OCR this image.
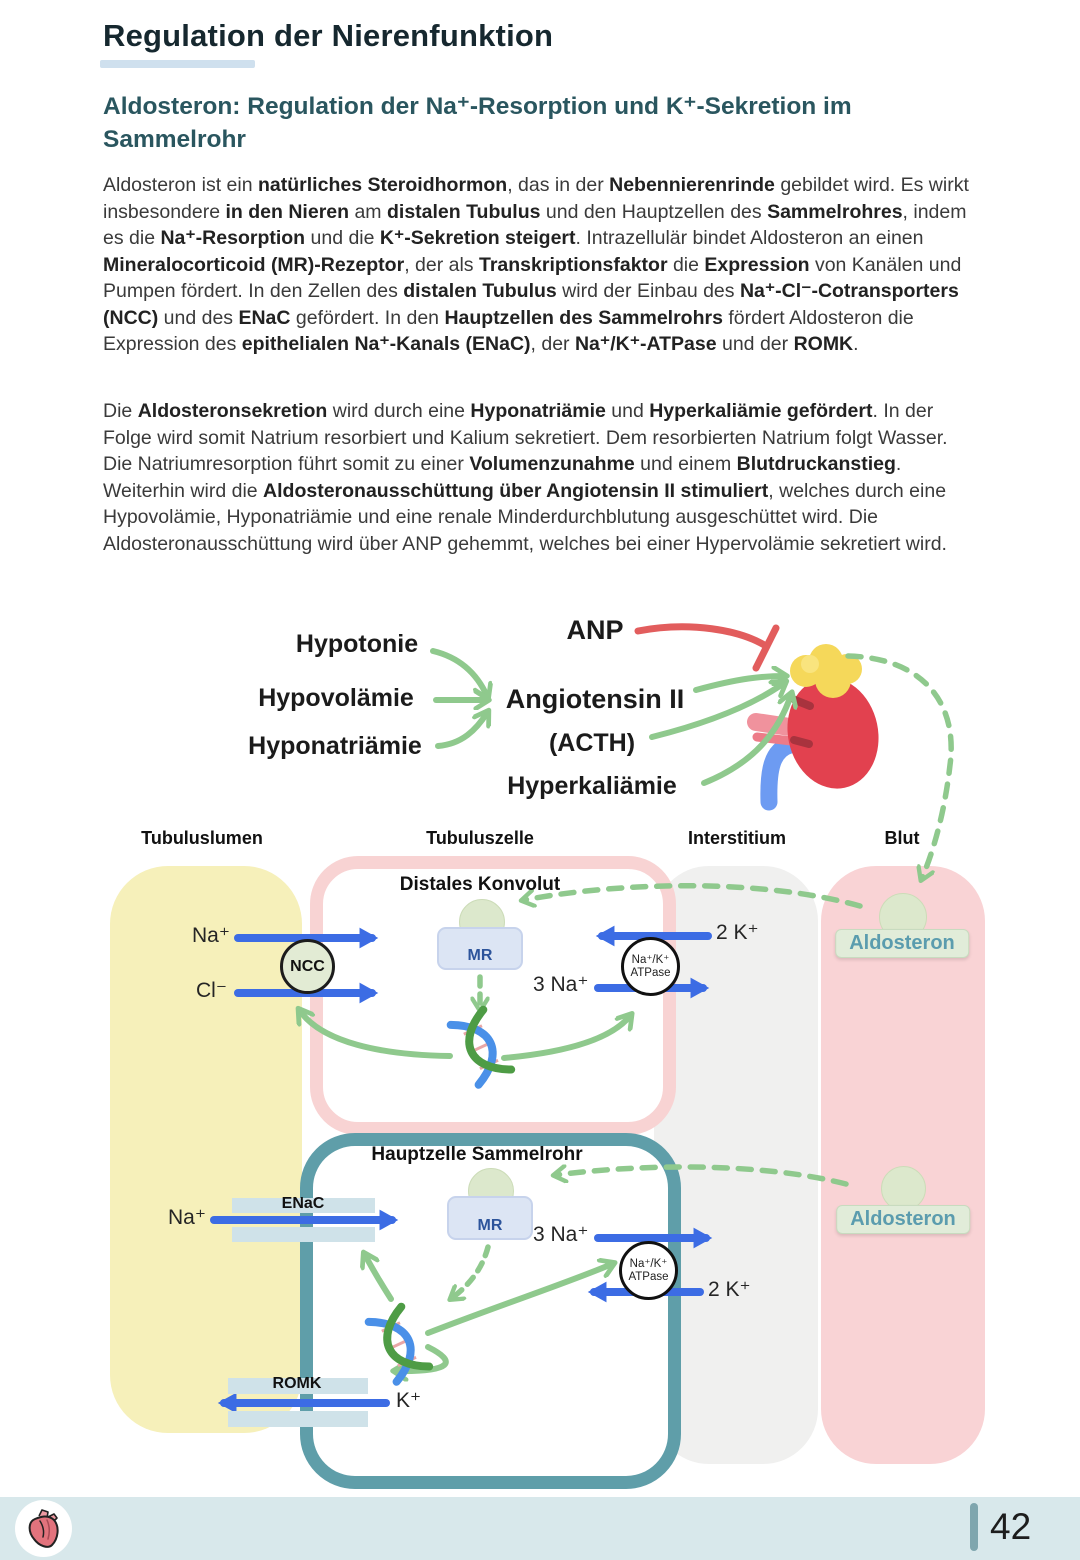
Regulation der Nierenfunktion
Aldosteron: Regulation der Na⁺-Resorption und K⁺-Sekretion im Sammelrohr

Aldosteron ist ein natürliches Steroidhormon, das in der Nebennierenrinde gebildet wird. Es wirkt insbesondere in den Nieren am distalen Tubulus und den Hauptzellen des Sammelrohres, indem es die Na⁺-Resorption und die K⁺-Sekretion steigert. Intrazellulär bindet Aldosteron an einen Mineralocorticoid (MR)-Rezeptor, der als Transkriptionsfaktor die Expression von Kanälen und Pumpen fördert. In den Zellen des distalen Tubulus wird der Einbau des Na⁺-Cl⁻-Cotransporters (NCC) und des ENaC gefördert. In den Hauptzellen des Sammelrohrs fördert Aldosteron die Expression des epithelialen Na⁺-Kanals (ENaC), der Na⁺/K⁺-ATPase und der ROMK.

Die Aldosteronsekretion wird durch eine Hyponatriämie und Hyperkaliämie gefördert. In der Folge wird somit Natrium resorbiert und Kalium sekretiert. Dem resorbierten Natrium folgt Wasser. Die Natriumresorption führt somit zu einer Volumenzunahme und einem Blutdruckanstieg. Weiterhin wird die Aldosteronausschüttung über Angiotensin II stimuliert, welches durch eine Hypovolämie, Hyponatriämie und eine renale Minderdurchblutung ausgeschüttet wird. Die Aldosteronausschüttung wird über ANP gehemmt, welches bei einer Hypervolämie sekretiert wird.

Hypotonie
Hypovolämie
Hyponatriämie
ANP
Angiotensin II
(ACTH)
Hyperkaliämie
Tubuluslumen	Tubuluszelle	Interstitium	Blut
Distales Konvolut
Hauptzelle Sammelrohr
NCC
MR	Na⁺/K⁺
ATPase
ENaC
MR
Na⁺/K⁺
ATPase
ROMK
Aldosteron
Aldosteron
Na⁺
Cl⁻
2 K⁺
3 Na⁺
Na⁺
3 Na⁺
2 K⁺
K⁺
42
